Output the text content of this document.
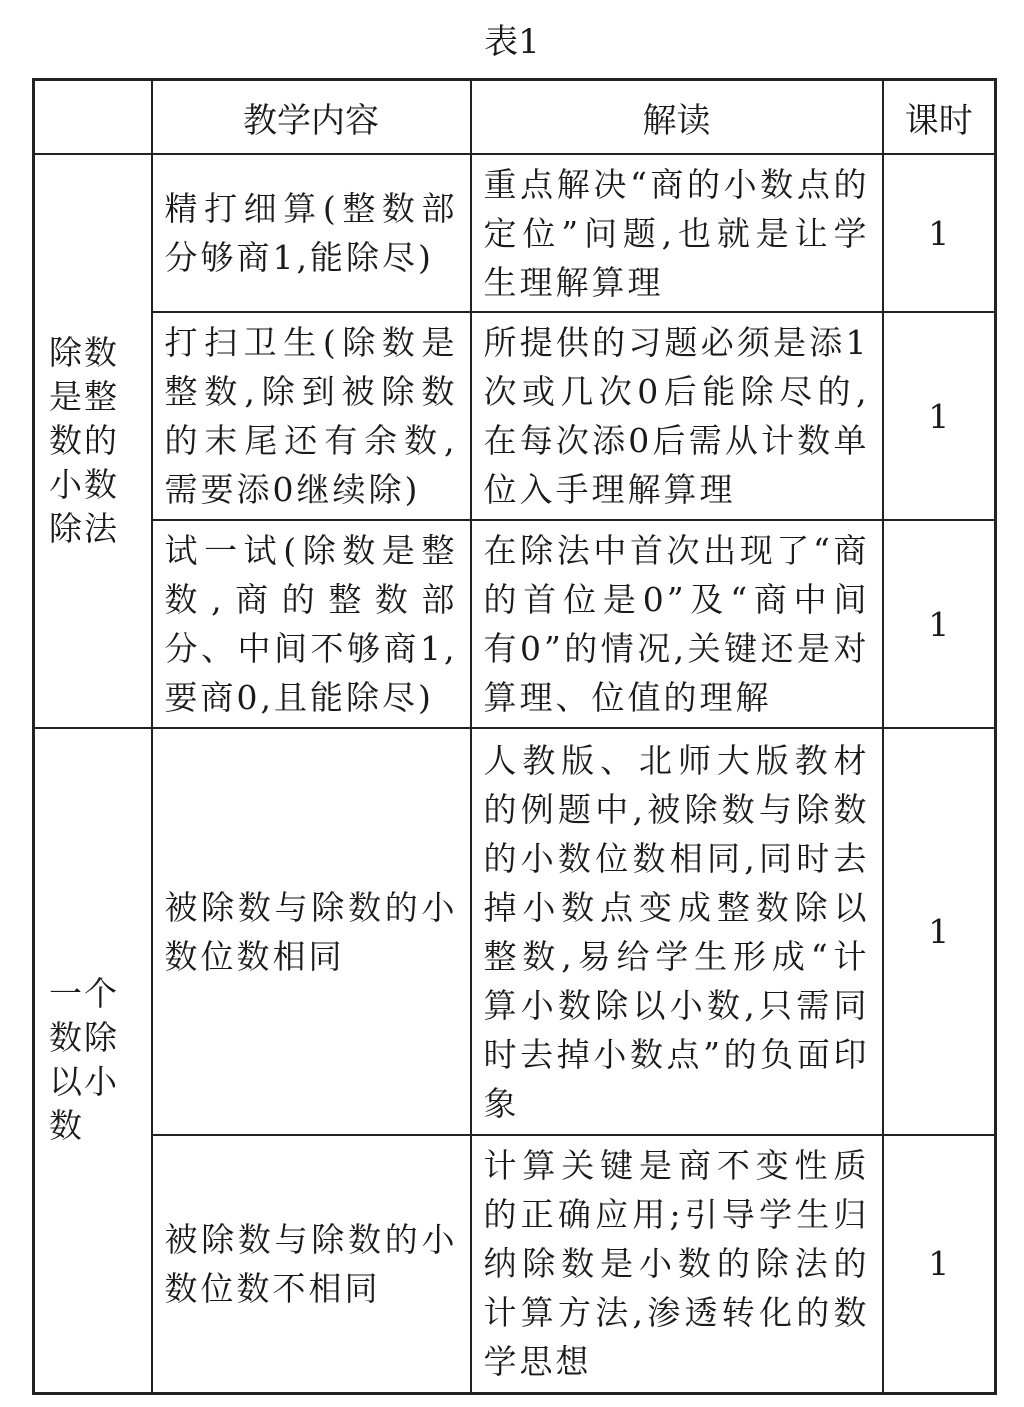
表1
	教学内容	解读	课时

除数是整数的小数除法	精打细算(整数部分够商1,能除尽)	重点解决“商的小数点的定位”问题,也就是让学生理解算理	1

	打扫卫生(除数是整数,除到被除数的末尾还有余数,需要添0继续除)	所提供的习题必须是添1次或几次0后能除尽的,在每次添0后需从计数单位入手理解算理	1

	试一试(除数是整数,商的整数部分、中间不够商1,要商0,且能除尽)	在除法中首次出现了“商的首位是0”及“商中间有0”的情况,关键还是对算理、位值的理解	1

一个数除以小数	被除数与除数的小数位数相同	人教版、北师大版教材的例题中,被除数与除数的小数位数相同,同时去掉小数点变成整数除以整数,易给学生形成“计算小数除以小数,只需同时去掉小数点”的负面印象	1

	被除数与除数的小数位数不相同	计算关键是商不变性质的正确应用;引导学生归纳除数是小数的除法的计算方法,渗透转化的数学思想	1
